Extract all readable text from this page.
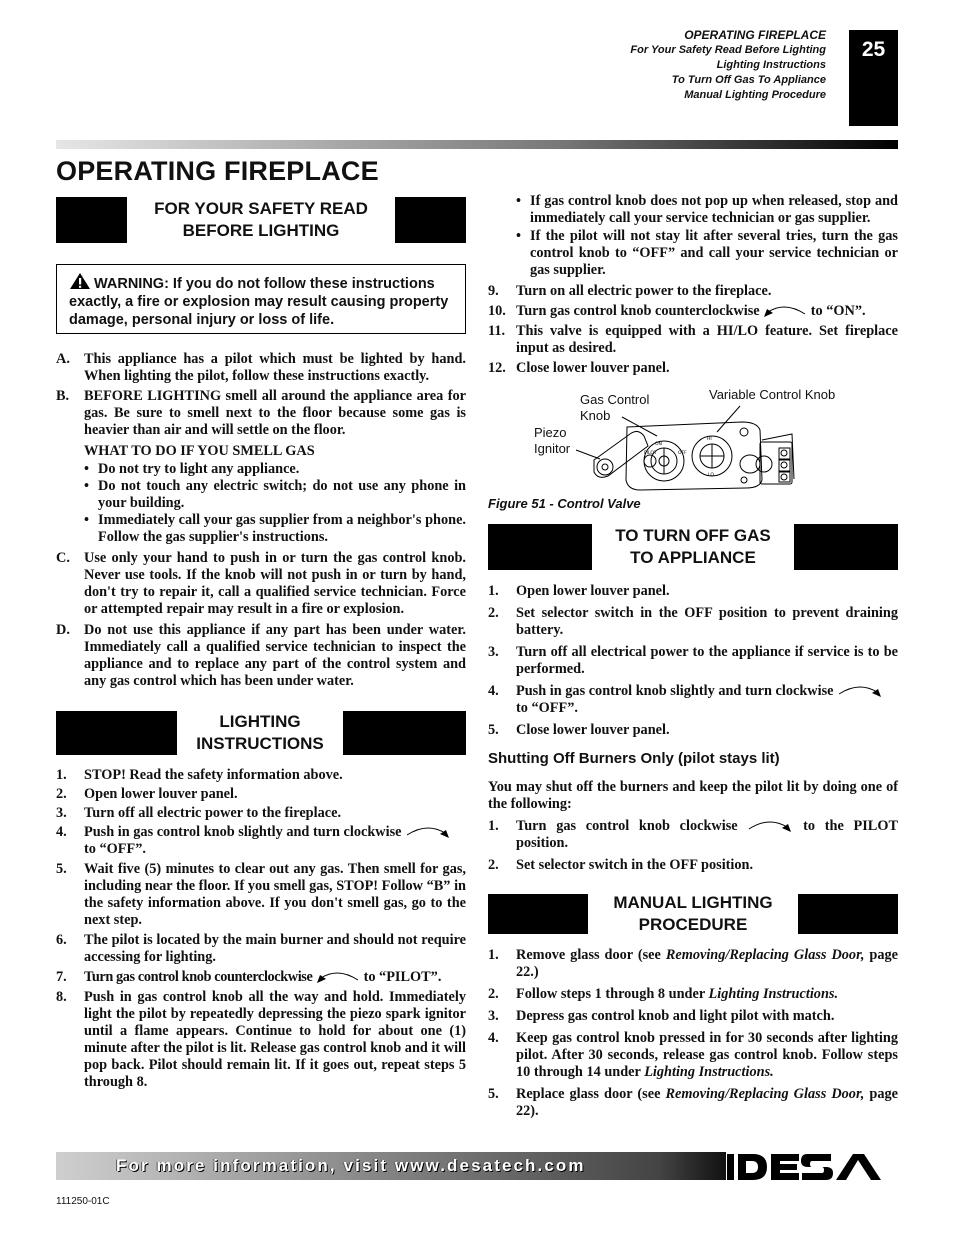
OPERATING FIREPLACE
For Your Safety Read Before Lighting
Lighting Instructions
To Turn Off Gas To Appliance
Manual Lighting Procedure
25
OPERATING FIREPLACE
FOR YOUR SAFETY READ
BEFORE LIGHTING
WARNING: If you do not follow these instructions exactly, a fire or explosion may result causing property damage, personal injury or loss of life.

A. This appliance has a pilot which must be lighted by hand. When lighting the pilot, follow these instructions exactly.

B. BEFORE LIGHTING smell all around the appliance area for gas. Be sure to smell next to the floor because some gas is heavier than air and will settle on the floor.

WHAT TO DO IF YOU SMELL GAS

• Do not try to light any appliance.

• Do not touch any electric switch; do not use any phone in your building.

• Immediately call your gas supplier from a neighbor's phone. Follow the gas supplier's instructions.

C. Use only your hand to push in or turn the gas control knob. Never use tools. If the knob will not push in or turn by hand, don't try to repair it, call a qualified service technician. Force or attempted repair may result in a fire or explosion.

D. Do not use this appliance if any part has been under water. Immediately call a qualified service technician to inspect the appliance and to replace any part of the control system and any gas control which has been under water.

LIGHTING
INSTRUCTIONS

1. STOP! Read the safety information above.

2. Open lower louver panel.

3. Turn off all electric power to the fireplace.

4. Push in gas control knob slightly and turn clockwise
to “OFF”.

5. Wait five (5) minutes to clear out any gas. Then smell for gas, including near the floor. If you smell gas, STOP! Follow “B” in the safety information above. If you don't smell gas, go to the next step.

6. The pilot is located by the main burner and should not require accessing for lighting.

7. Turn gas control knob counterclockwise	to “PILOT”.

8. Push in gas control knob all the way and hold. Immediately light the pilot by repeatedly depressing the piezo spark ignitor until a flame appears. Continue to hold for about one (1) minute after the pilot is lit. Release gas control knob and it will pop back. Pilot should remain lit. If it goes out, repeat steps 5 through 8.

• If gas control knob does not pop up when released, stop and immediately call your service technician or gas supplier.

• If the pilot will not stay lit after several tries, turn the gas control knob to “OFF” and call your service technician or gas supplier.

9. Turn on all electric power to the fireplace.

10. Turn gas control knob counterclockwise	to “ON”.

11. This valve is equipped with a HI/LO feature. Set fireplace input as desired.

12. Close lower louver panel.

Gas Control
Knob
Variable Control Knob
Piezo
Ignitor	ON
OFF
PILOT
HI
LO
Figure 51 - Control Valve
TO TURN OFF GAS
TO APPLIANCE

1. Open lower louver panel.

2. Set selector switch in the OFF position to prevent draining battery.

3. Turn off all electrical power to the appliance if service is to be performed.

4. Push in gas control knob slightly and turn clockwise
to “OFF”.

5. Close lower louver panel.

Shutting Off Burners Only (pilot stays lit)

You may shut off the burners and keep the pilot lit by doing one of the following:

1. Turn gas control knob clockwise	to the PILOT position.

2. Set selector switch in the OFF position.

MANUAL LIGHTING
PROCEDURE

1. Remove glass door (see Removing/Replacing Glass Door, page 22.)

2. Follow steps 1 through 8 under Lighting Instructions.

3. Depress gas control knob and light pilot with match.

4. Keep gas control knob pressed in for 30 seconds after lighting pilot. After 30 seconds, release gas control knob. Follow steps 10 through 14 under Lighting Instructions.

5. Replace glass door (see Removing/Replacing Glass Door, page 22).

For more information, visit www.desatech.com
111250-01C
